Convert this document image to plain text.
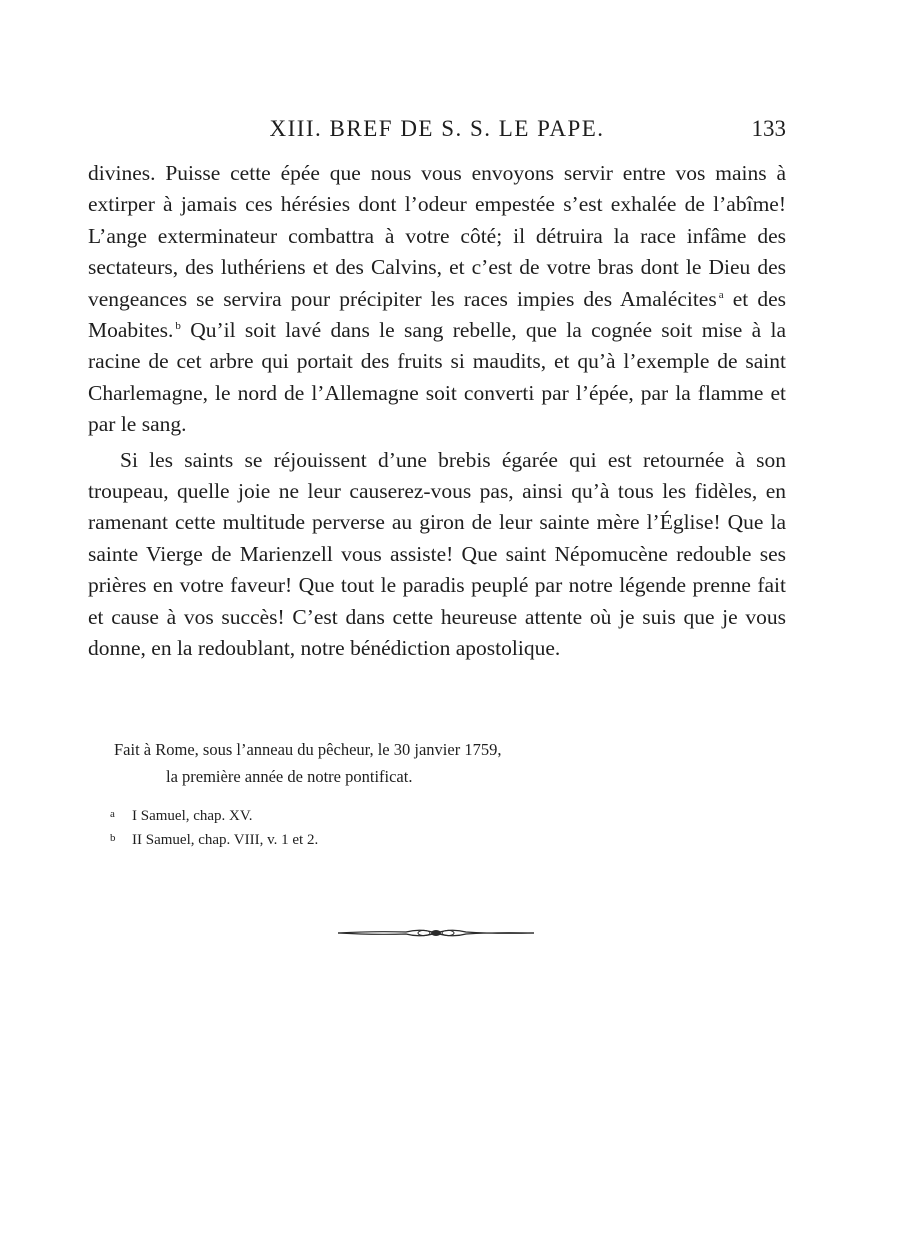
XIII. BREF DE S. S. LE PAPE.	133

divines. Puisse cette épée que nous vous envoyons servir entre vos mains à extirper à jamais ces hérésies dont l’odeur empestée s’est exhalée de l’abîme! L’ange exterminateur combattra à votre côté; il détruira la race infâme des sectateurs, des luthériens et des Calvins, et c’est de votre bras dont le Dieu des vengeances se servira pour précipiter les races impies des Amalécites $^a$ et des Moabites. $^b$ Qu’il soit lavé dans le sang rebelle, que la cognée soit mise à la racine de cet arbre qui portait des fruits si maudits, et qu’à l’exemple de saint Charlemagne, le nord de l’Allemagne soit converti par l’épée, par la flamme et par le sang.

Si les saints se réjouissent d’une brebis égarée qui est retournée à son troupeau, quelle joie ne leur causerez-vous pas, ainsi qu’à tous les fidèles, en ramenant cette multitude perverse au giron de leur sainte mère l’Église! Que la sainte Vierge de Marienzell vous assiste! Que saint Népomucène redouble ses prières en votre faveur! Que tout le paradis peuplé par notre légende prenne fait et cause à vos succès! C’est dans cette heureuse attente où je suis que je vous donne, en la redoublant, notre bénédiction apostolique.

Fait à Rome, sous l’anneau du pêcheur, le 30 janvier 1759,
la première année de notre pontificat.
a	I Samuel, chap. XV.
b	II Samuel, chap. VIII, v. 1 et 2.
